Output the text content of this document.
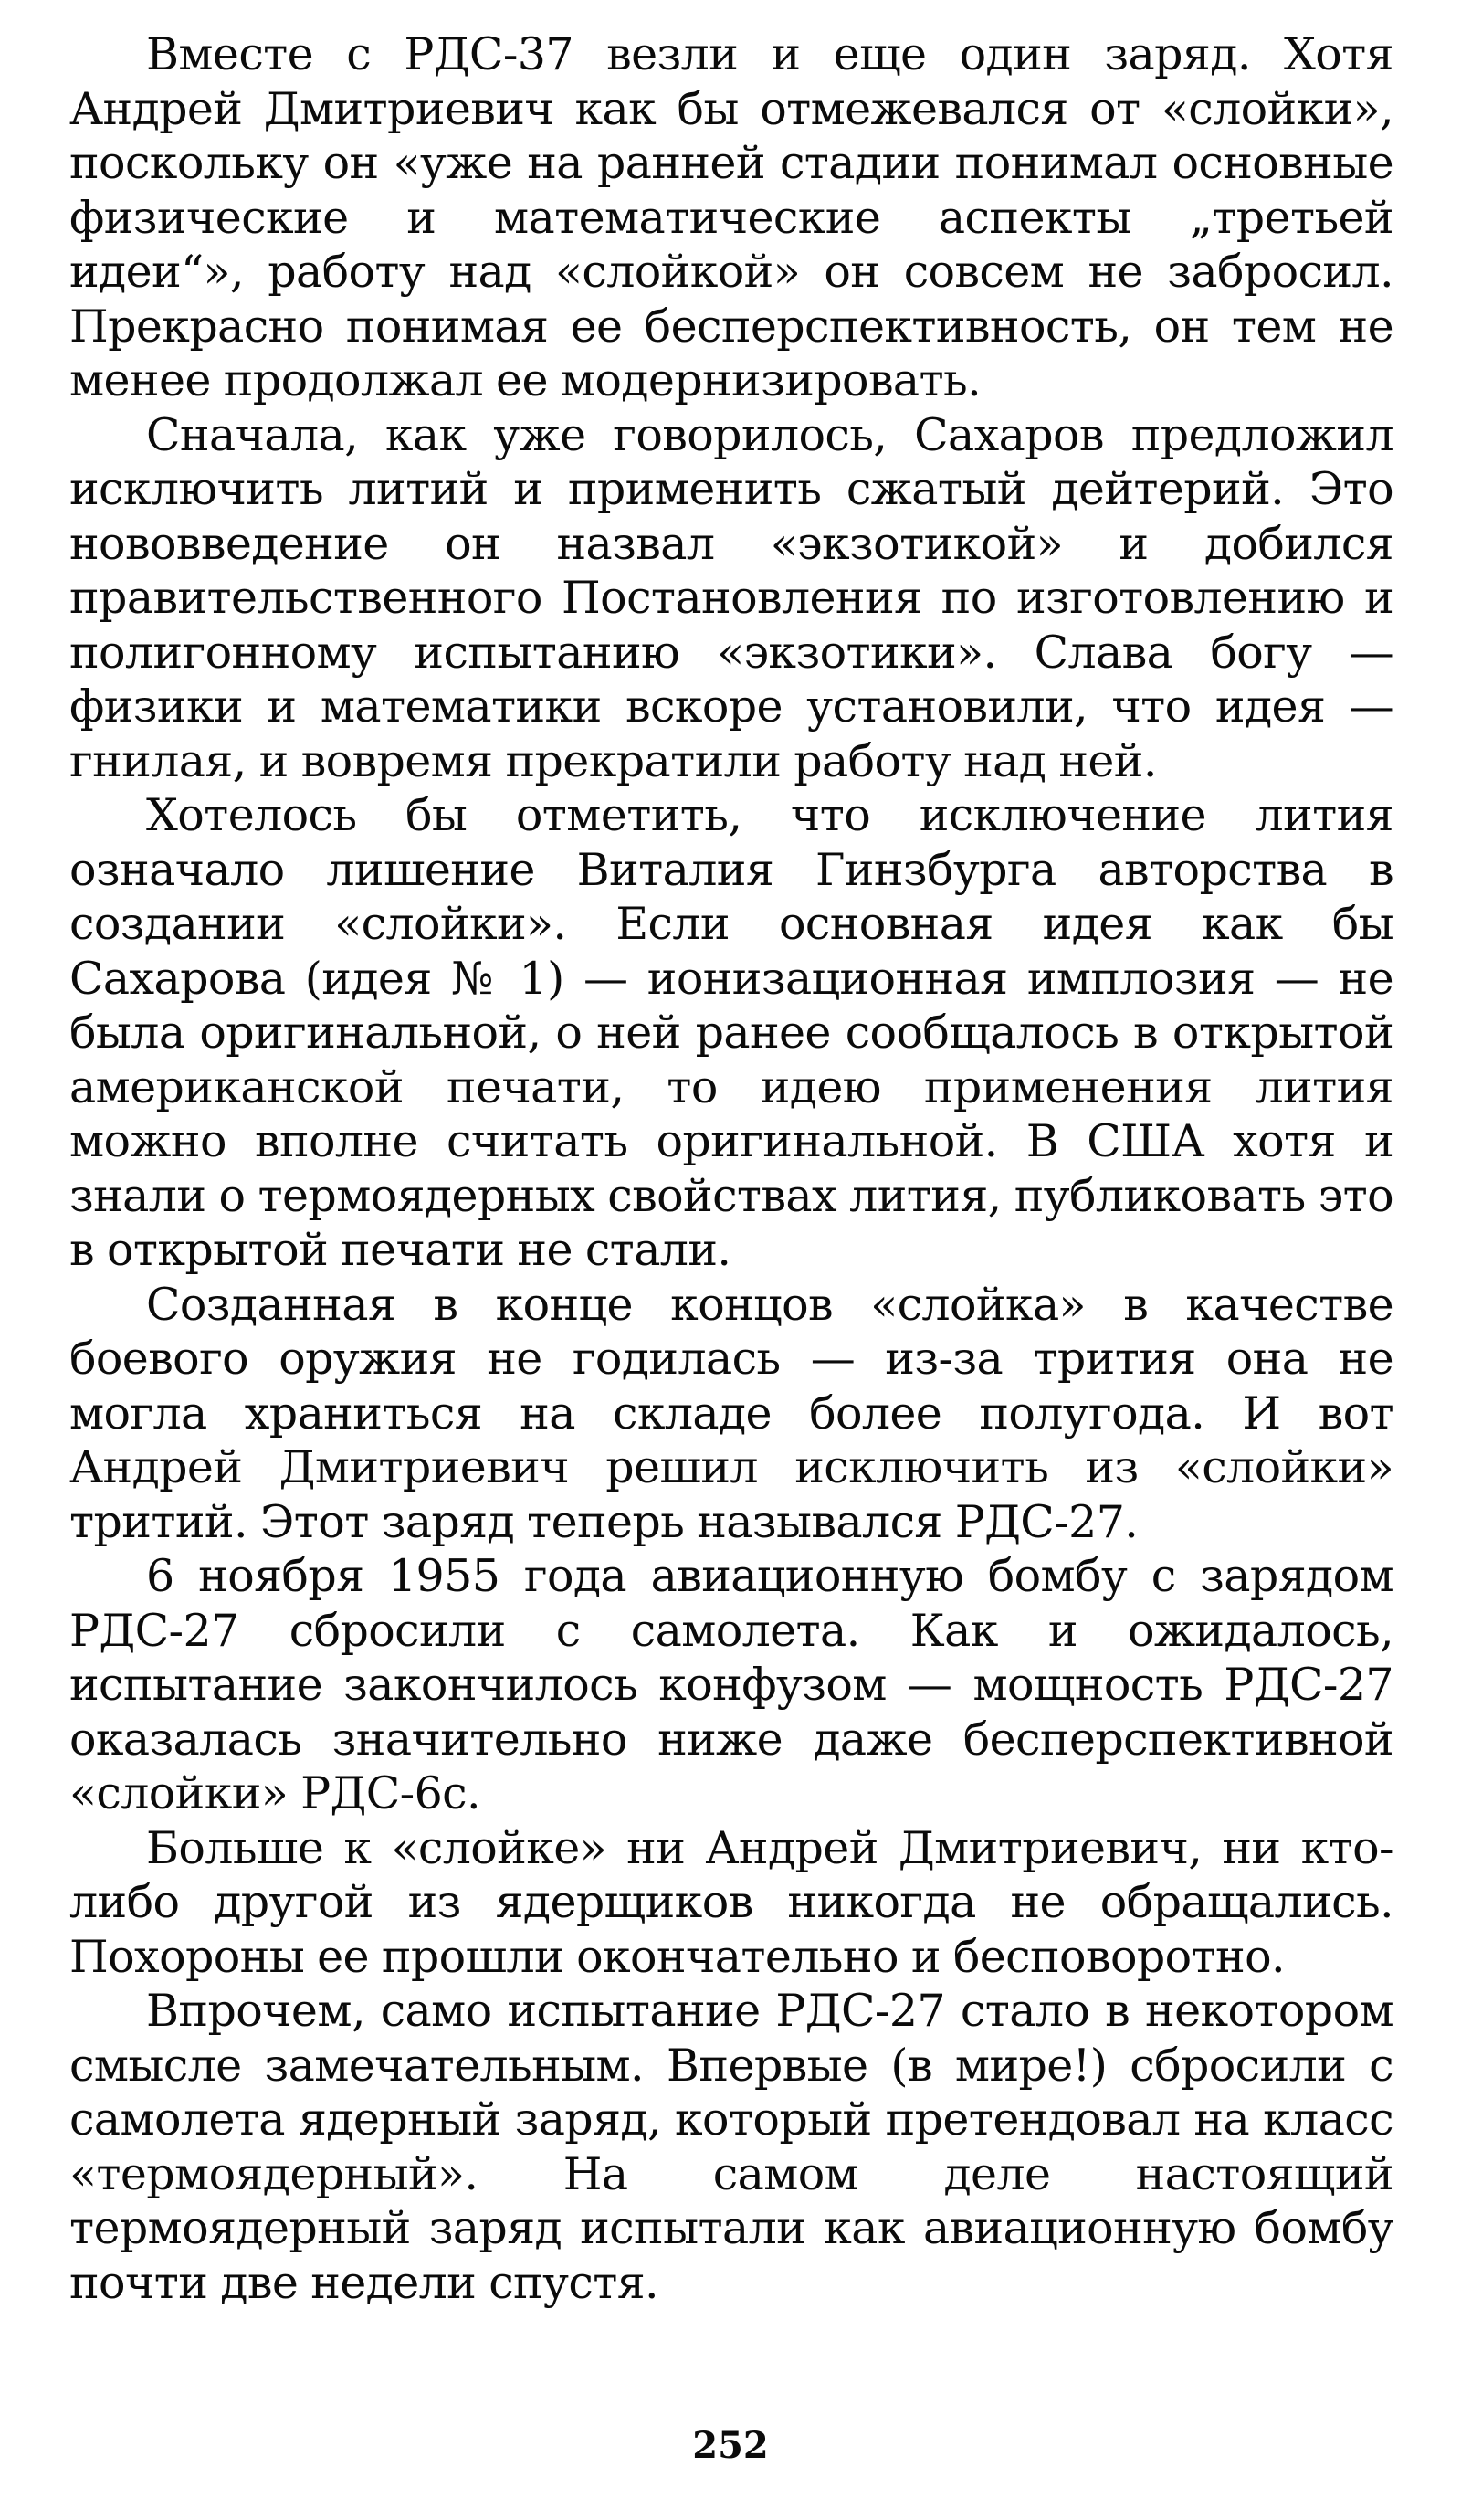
Вместе с РДС-37 везли и еще один заряд. Хотя Андрей Дмитриевич как бы отмежевался от «слойки», поскольку он «уже на ранней стадии понимал основные физические и математические аспекты „третьей идеи“», работу над «слойкой» он совсем не забросил. Прекрасно понимая ее бесперспективность, он тем не менее продолжал ее модернизировать.

Сначала, как уже говорилось, Сахаров предложил исключить литий и применить сжатый дейтерий. Это нововведение он назвал «экзотикой» и добился правительственного Постановления по изготовлению и полигонному испытанию «экзотики». Слава богу — физики и математики вскоре установили, что идея — гнилая, и вовремя прекратили работу над ней.

Хотелось бы отметить, что исключение лития означало лишение Виталия Гинзбурга авторства в создании «слойки». Если основная идея как бы Сахарова (идея № 1) — ионизационная имплозия — не была оригинальной, о ней ранее сообщалось в открытой американской печати, то идею применения лития можно вполне считать оригинальной. В США хотя и знали о термоядерных свойствах лития, публиковать это в открытой печати не стали.

Созданная в конце концов «слойка» в качестве боевого оружия не годилась — из-за трития она не могла храниться на складе более полугода. И вот Андрей Дмитриевич решил исключить из «слойки» тритий. Этот заряд теперь назывался РДС-27.

6 ноября 1955 года авиационную бомбу с зарядом РДС-27 сбросили с самолета. Как и ожидалось, испытание закончилось конфузом — мощность РДС-27 оказалась значительно ниже даже бесперспективной «слойки» РДС-6с.

Больше к «слойке» ни Андрей Дмитриевич, ни кто-либо другой из ядерщиков никогда не обращались. Похороны ее прошли окончательно и бесповоротно.

Впрочем, само испытание РДС-27 стало в некотором смысле замечательным. Впервые (в мире!) сбросили с самолета ядерный заряд, который претендовал на класс «термоядерный». На самом деле настоящий термоядерный заряд испытали как авиационную бомбу почти две недели спустя.

252
